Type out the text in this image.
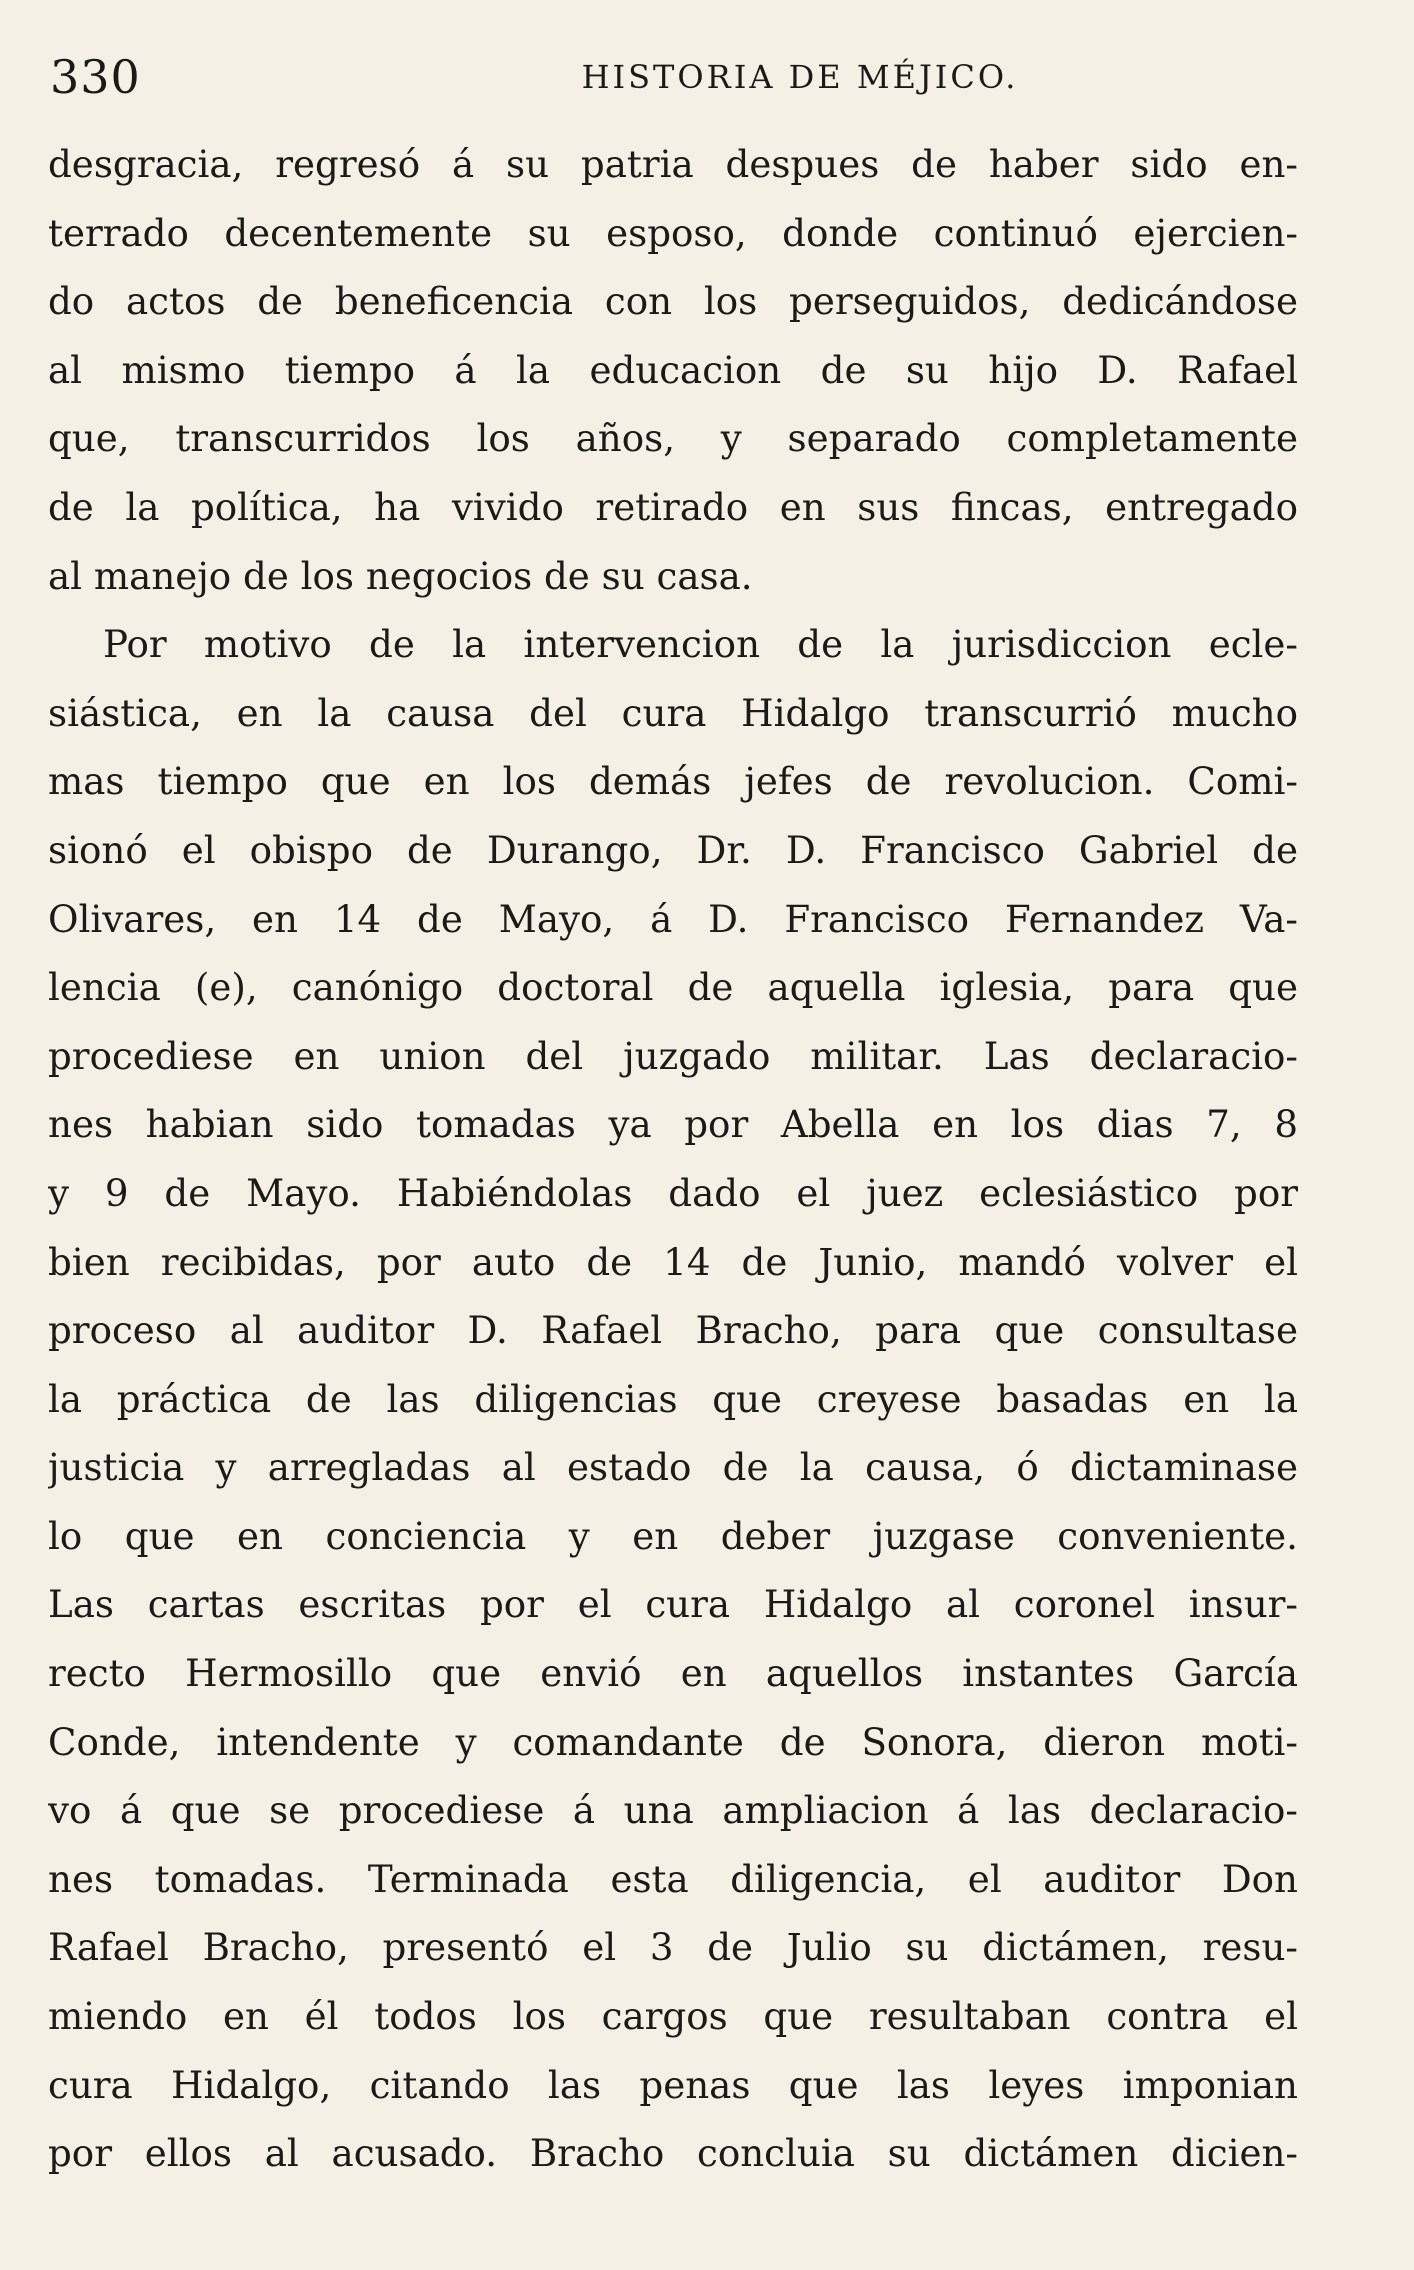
330	HISTORIA DE MÉJICO.
desgracia, regresó á su patria despues de haber sido en-
terrado decentemente su esposo, donde continuó ejercien-
do actos de beneficencia con los perseguidos, dedicándose
al mismo tiempo á la educacion de su hijo D. Rafael
que, transcurridos los años, y separado completamente
de la política, ha vivido retirado en sus fincas, entregado
al manejo de los negocios de su casa.
Por motivo de la intervencion de la jurisdiccion ecle-
siástica, en la causa del cura Hidalgo transcurrió mucho
mas tiempo que en los demás jefes de revolucion. Comi-
sionó el obispo de Durango, Dr. D. Francisco Gabriel de
Olivares, en 14 de Mayo, á D. Francisco Fernandez Va-
lencia (e), canónigo doctoral de aquella iglesia, para que
procediese en union del juzgado militar. Las declaracio-
nes habian sido tomadas ya por Abella en los dias 7, 8
y 9 de Mayo. Habiéndolas dado el juez eclesiástico por
bien recibidas, por auto de 14 de Junio, mandó volver el
proceso al auditor D. Rafael Bracho, para que consultase
la práctica de las diligencias que creyese basadas en la
justicia y arregladas al estado de la causa, ó dictaminase
lo que en conciencia y en deber juzgase conveniente.
Las cartas escritas por el cura Hidalgo al coronel insur-
recto Hermosillo que envió en aquellos instantes García
Conde, intendente y comandante de Sonora, dieron moti-
vo á que se procediese á una ampliacion á las declaracio-
nes tomadas. Terminada esta diligencia, el auditor Don
Rafael Bracho, presentó el 3 de Julio su dictámen, resu-
miendo en él todos los cargos que resultaban contra el
cura Hidalgo, citando las penas que las leyes imponian
por ellos al acusado. Bracho concluia su dictámen dicien-
